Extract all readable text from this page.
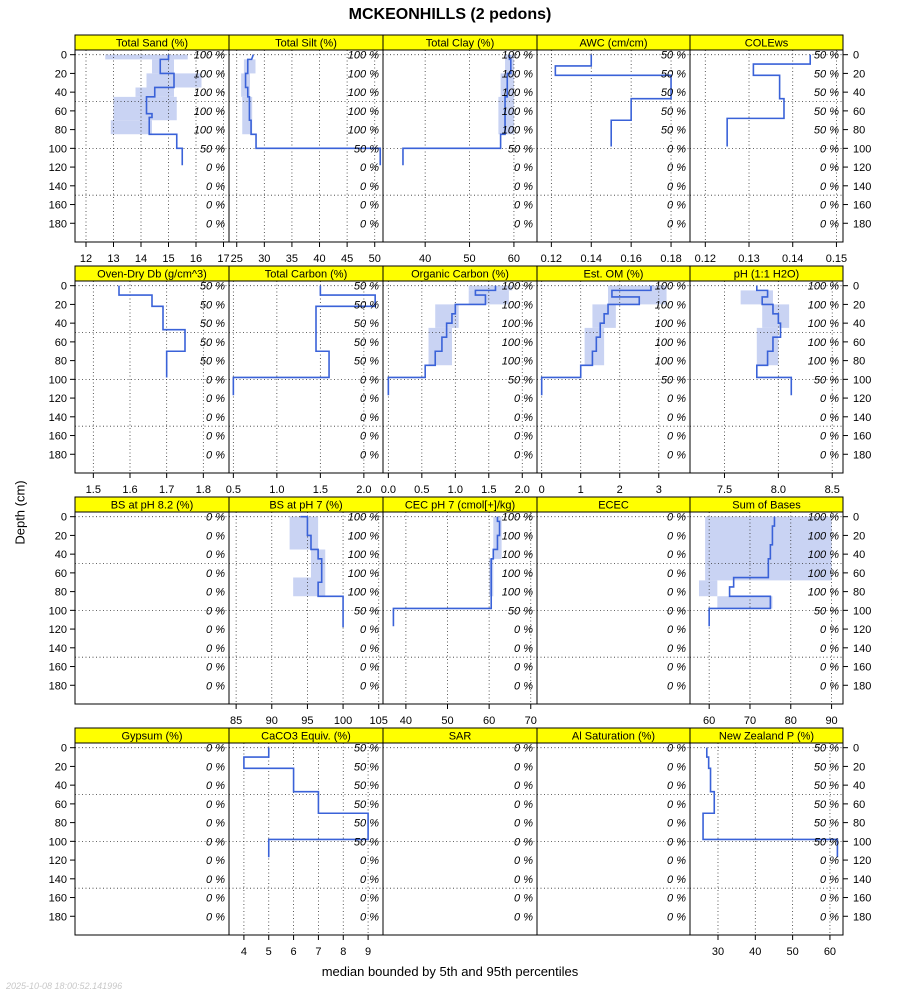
MCKEONHILLS (2 pedons)
Depth (cm)
median bounded by 5th and 95th percentiles
2025-10-08 18:00:52.141996
Total Sand (%)
100 %
100 %
100 %
100 %
100 %
50 %
0 %
0 %
0 %
0 %
12 13 14 15 16 17
Total Silt (%)
100 %
100 %
100 %
100 %
100 %
50 %
0 %
0 %
0 %
0 %
25 30 35 40 45 50
Total Clay (%)
100 %
100 %
100 %
100 %
100 %
50 %
0 %
0 %
0 %
0 %
40	50	60
AWC (cm/cm)
50 %
50 %
50 %
50 %
50 %
0 %
0 %
0 %
0 %
0 %
0.12 0.14 0.16 0.18
COLEws
50 %
50 %
50 %
50 %
50 %
0 %
0 %
0 %
0 %
0 %
0.12 0.13 0.14 0.15
0	0
20	20
40	40
60	60
80	80
100	100
120	120
140	140
160	160
180	180
Oven-Dry Db (g/cm^3)
50 %
50 %
50 %
50 %
50 %
0 %
0 %
0 %
0 %
0 %
1.5 1.6 1.7 1.8
Total Carbon (%)
50 %
50 %
50 %
50 %
50 %
0 %
0 %
0 %
0 %
0 %
0.5	1.0	1.5	2.0
Organic Carbon (%)
100 %
100 %
100 %
100 %
100 %
50 %
0 %
0 %
0 %
0 %
0.0 0.5 1.0 1.5 2.0
Est. OM (%)
100 %
100 %
100 %
100 %
100 %
50 %
0 %
0 %
0 %
0 %
0	1	2	3
pH (1:1 H2O)
100 %
100 %
100 %
100 %
100 %
50 %
0 %
0 %
0 %
0 %
7.5	8.0	8.5
0	0
20	20
40	40
60	60
80	80
100	100
120	120
140	140
160	160
180	180
BS at pH 8.2 (%)
0 %
0 %
0 %
0 %
0 %
0 %
0 %
0 %
0 %
0 %
BS at pH 7 (%)
100 %
100 %
100 %
100 %
100 %
50 %
0 %
0 %
0 %
0 %
85 90 95 100 105
CEC pH 7 (cmol[+]/kg)
100 %
100 %
100 %
100 %
100 %
50 %
0 %
0 %
0 %
0 %
40	50	60	70
ECEC
0 %
0 %
0 %
0 %
0 %
0 %
0 %
0 %
0 %
0 %
Sum of Bases
100 %
100 %
100 %
100 %
100 %
50 %
0 %
0 %
0 %
0 %
60	70	80	90
0	0
20	20
40	40
60	60
80	80
100	100
120	120
140	140
160	160
180	180
Gypsum (%)
0 %
0 %
0 %
0 %
0 %
0 %
0 %
0 %
0 %
0 %
CaCO3 Equiv. (%)
50 %
50 %
50 %
50 %
50 %
50 %
0 %
0 %
0 %
0 %
4 5 6 7 8 9
SAR
0 %
0 %
0 %
0 %
0 %
0 %
0 %
0 %
0 %
0 %
Al Saturation (%)
0 %
0 %
0 %
0 %
0 %
0 %
0 %
0 %
0 %
0 %
New Zealand P (%)
50 %
50 %
50 %
50 %
50 %
50 %
0 %
0 %
0 %
0 %
30 40 50 60
0	0
20	20
40	40
60	60
80	80
100	100
120	120
140	140
160	160
180	180
